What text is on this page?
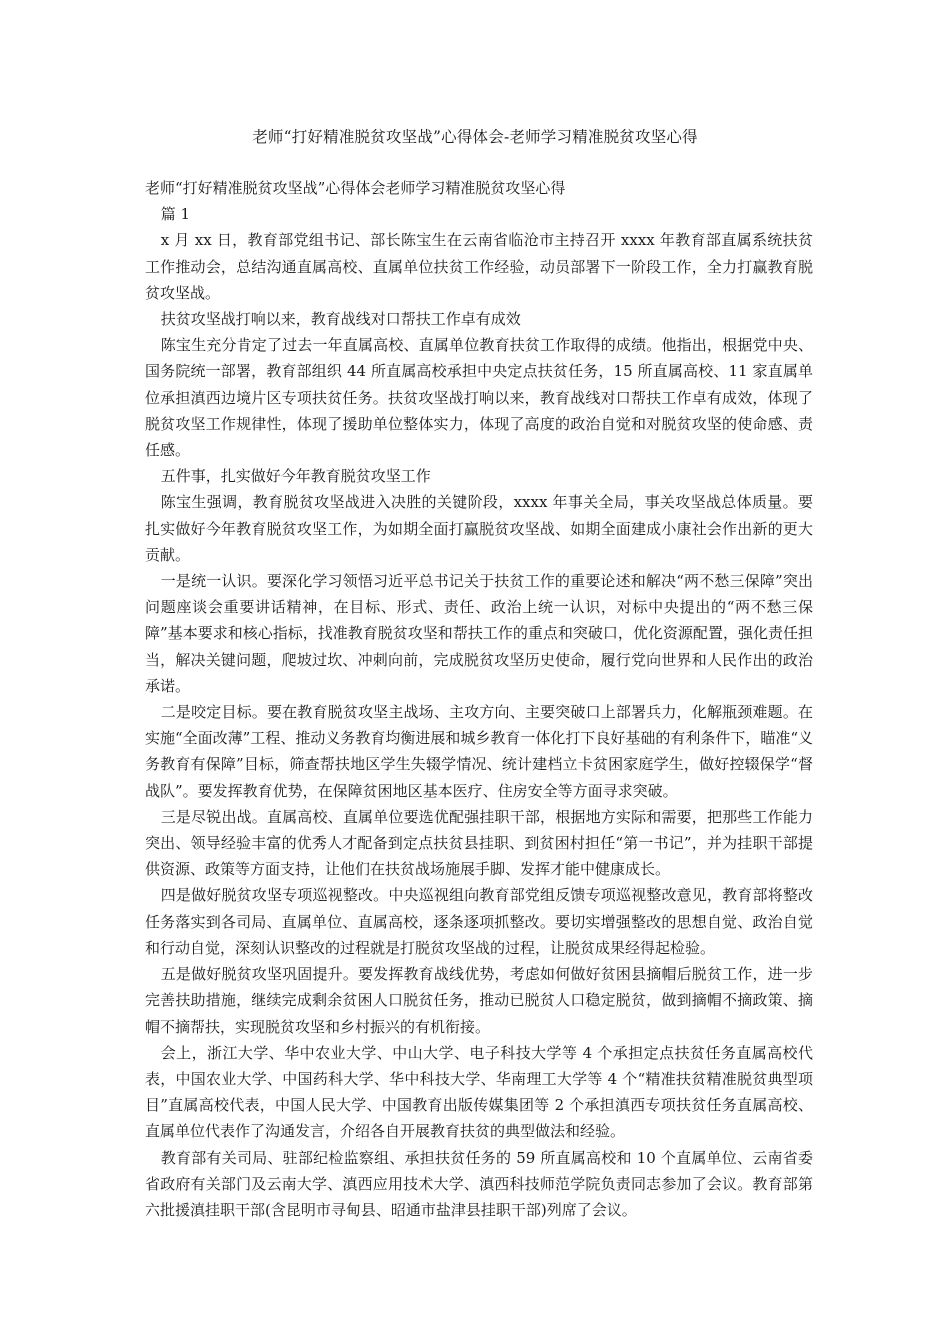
老师“打好精准脱贫攻坚战”心得体会-老师学习精准脱贫攻坚心得

老师“打好精准脱贫攻坚战”心得体会老师学习精准脱贫攻坚心得

篇 1

x 月 xx 日，教育部党组书记、部长陈宝生在云南省临沧市主持召开 xxxx 年教育部直属系统扶贫工作推动会，总结沟通直属高校、直属单位扶贫工作经验，动员部署下一阶段工作，全力打赢教育脱贫攻坚战。

扶贫攻坚战打响以来，教育战线对口帮扶工作卓有成效

陈宝生充分肯定了过去一年直属高校、直属单位教育扶贫工作取得的成绩。他指出，根据党中央、国务院统一部署，教育部组织 44 所直属高校承担中央定点扶贫任务，15 所直属高校、11 家直属单位承担滇西边境片区专项扶贫任务。扶贫攻坚战打响以来，教育战线对口帮扶工作卓有成效，体现了脱贫攻坚工作规律性，体现了援助单位整体实力，体现了高度的政治自觉和对脱贫攻坚的使命感、责任感。

五件事，扎实做好今年教育脱贫攻坚工作

陈宝生强调，教育脱贫攻坚战进入决胜的关键阶段，xxxx 年事关全局，事关攻坚战总体质量。要扎实做好今年教育脱贫攻坚工作，为如期全面打赢脱贫攻坚战、如期全面建成小康社会作出新的更大贡献。

一是统一认识。要深化学习领悟习近平总书记关于扶贫工作的重要论述和解决“两不愁三保障”突出问题座谈会重要讲话精神，在目标、形式、责任、政治上统一认识，对标中央提出的“两不愁三保障”基本要求和核心指标，找准教育脱贫攻坚和帮扶工作的重点和突破口，优化资源配置，强化责任担当，解决关键问题，爬坡过坎、冲刺向前，完成脱贫攻坚历史使命，履行党向世界和人民作出的政治承诺。

二是咬定目标。要在教育脱贫攻坚主战场、主攻方向、主要突破口上部署兵力，化解瓶颈难题。在实施“全面改薄”工程、推动义务教育均衡进展和城乡教育一体化打下良好基础的有利条件下，瞄准“义务教育有保障”目标，筛查帮扶地区学生失辍学情况、统计建档立卡贫困家庭学生，做好控辍保学“督战队”。要发挥教育优势，在保障贫困地区基本医疗、住房安全等方面寻求突破。

三是尽锐出战。直属高校、直属单位要选优配强挂职干部，根据地方实际和需要，把那些工作能力突出、领导经验丰富的优秀人才配备到定点扶贫县挂职、到贫困村担任“第一书记”，并为挂职干部提供资源、政策等方面支持，让他们在扶贫战场施展手脚、发挥才能中健康成长。

四是做好脱贫攻坚专项巡视整改。中央巡视组向教育部党组反馈专项巡视整改意见，教育部将整改任务落实到各司局、直属单位、直属高校，逐条逐项抓整改。要切实增强整改的思想自觉、政治自觉和行动自觉，深刻认识整改的过程就是打脱贫攻坚战的过程，让脱贫成果经得起检验。

五是做好脱贫攻坚巩固提升。要发挥教育战线优势，考虑如何做好贫困县摘帽后脱贫工作，进一步完善扶助措施，继续完成剩余贫困人口脱贫任务，推动已脱贫人口稳定脱贫，做到摘帽不摘政策、摘帽不摘帮扶，实现脱贫攻坚和乡村振兴的有机衔接。

会上，浙江大学、华中农业大学、中山大学、电子科技大学等 4 个承担定点扶贫任务直属高校代表，中国农业大学、中国药科大学、华中科技大学、华南理工大学等 4 个“精准扶贫精准脱贫典型项目”直属高校代表，中国人民大学、中国教育出版传媒集团等 2 个承担滇西专项扶贫任务直属高校、直属单位代表作了沟通发言，介绍各自开展教育扶贫的典型做法和经验。

教育部有关司局、驻部纪检监察组、承担扶贫任务的 59 所直属高校和 10 个直属单位、云南省委省政府有关部门及云南大学、滇西应用技术大学、滇西科技师范学院负责同志参加了会议。教育部第六批援滇挂职干部(含昆明市寻甸县、昭通市盐津县挂职干部)列席了会议。
